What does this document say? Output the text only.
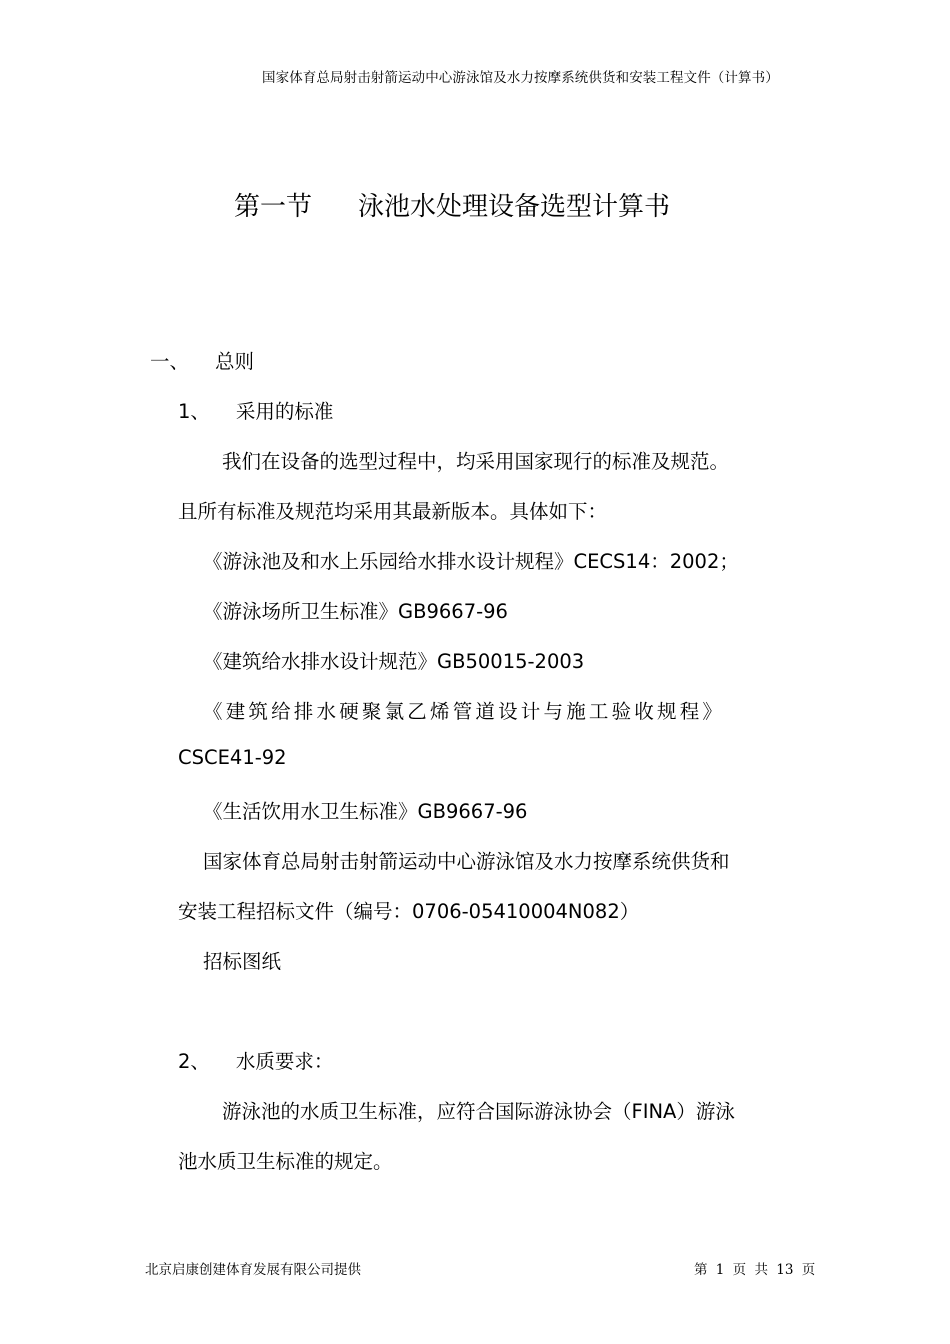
国家体育总局射击射箭运动中心游泳馆及水力按摩系统供货和安装工程文件（计算书）
第一节 泳池水处理设备选型计算书
一、 总则
1、 采用的标准
我们在设备的选型过程中，均采用国家现行的标准及规范。
且所有标准及规范均采用其最新版本。具体如下：
《游泳池及和水上乐园给水排水设计规程》CECS14：2002；
《游泳场所卫生标准》GB9667-96
《建筑给水排水设计规范》GB50015-2003
《建筑给排水硬聚氯乙烯管道设计与施工验收规程》
CSCE41-92
《生活饮用水卫生标准》GB9667-96
国家体育总局射击射箭运动中心游泳馆及水力按摩系统供货和
安装工程招标文件（编号：0706-05410004N082）
招标图纸
2、 水质要求：
游泳池的水质卫生标准，应符合国际游泳协会（FINA）游泳
池水质卫生标准的规定。
北京启康创建体育发展有限公司提供	第 1 页 共 13 页
